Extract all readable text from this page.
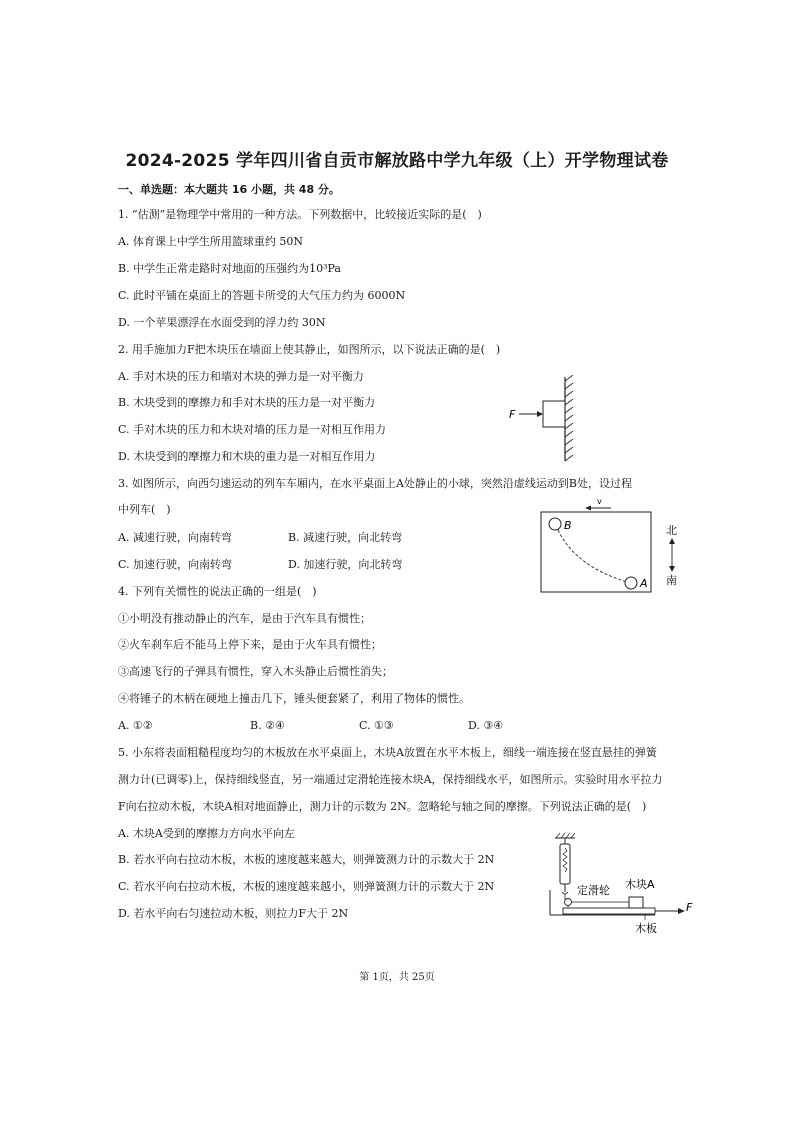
2024-2025 学年四川省自贡市解放路中学九年级（上）开学物理试卷
一、单选题：本大题共 16 小题，共 48 分。
1. “估测”是物理学中常用的一种方法。下列数据中，比较接近实际的是(　)
A. 体育课上中学生所用篮球重约 50N
B. 中学生正常走路时对地面的压强约为10³Pa
C. 此时平铺在桌面上的答题卡所受的大气压力约为 6000N
D. 一个苹果漂浮在水面受到的浮力约 30N
2. 用手施加力F把木块压在墙面上使其静止，如图所示，以下说法正确的是(　)
A. 手对木块的压力和墙对木块的弹力是一对平衡力
B. 木块受到的摩擦力和手对木块的压力是一对平衡力
C. 手对木块的压力和木块对墙的压力是一对相互作用力
D. 木块受到的摩擦力和木块的重力是一对相互作用力
F
3. 如图所示，向西匀速运动的列车车厢内，在水平桌面上A处静止的小球，突然沿虚线运动到B处，设过程
中列车(　)
A. 减速行驶，向南转弯	B. 减速行驶，向北转弯
C. 加速行驶，向南转弯	D. 加速行驶，向北转弯
v
B
A
北
南
4. 下列有关惯性的说法正确的一组是(　)
①小明没有推动静止的汽车，是由于汽车具有惯性；
②火车刹车后不能马上停下来，是由于火车具有惯性；
③高速飞行的子弹具有惯性，穿入木头静止后惯性消失；
④将锤子的木柄在硬地上撞击几下，锤头便套紧了，利用了物体的惯性。
A. ①②	B. ②④	C. ①③	D. ③④
5. 小东将表面粗糙程度均匀的木板放在水平桌面上，木块A放置在水平木板上，细线一端连接在竖直悬挂的弹簧
测力计(已调零)上，保持细线竖直，另一端通过定滑轮连接木块A，保持细线水平，如图所示。实验时用水平拉力
F向右拉动木板，木块A相对地面静止，测力计的示数为 2N。忽略轮与轴之间的摩擦。下列说法正确的是(　)
A. 木块A受到的摩擦力方向水平向左
B. 若水平向右拉动木板，木板的速度越来越大，则弹簧测力计的示数大于 2N
C. 若水平向右拉动木板，木板的速度越来越小，则弹簧测力计的示数大于 2N
D. 若水平向右匀速拉动木板，则拉力F大于 2N
定滑轮 木块A
F
木板
第 1页，共 25页
